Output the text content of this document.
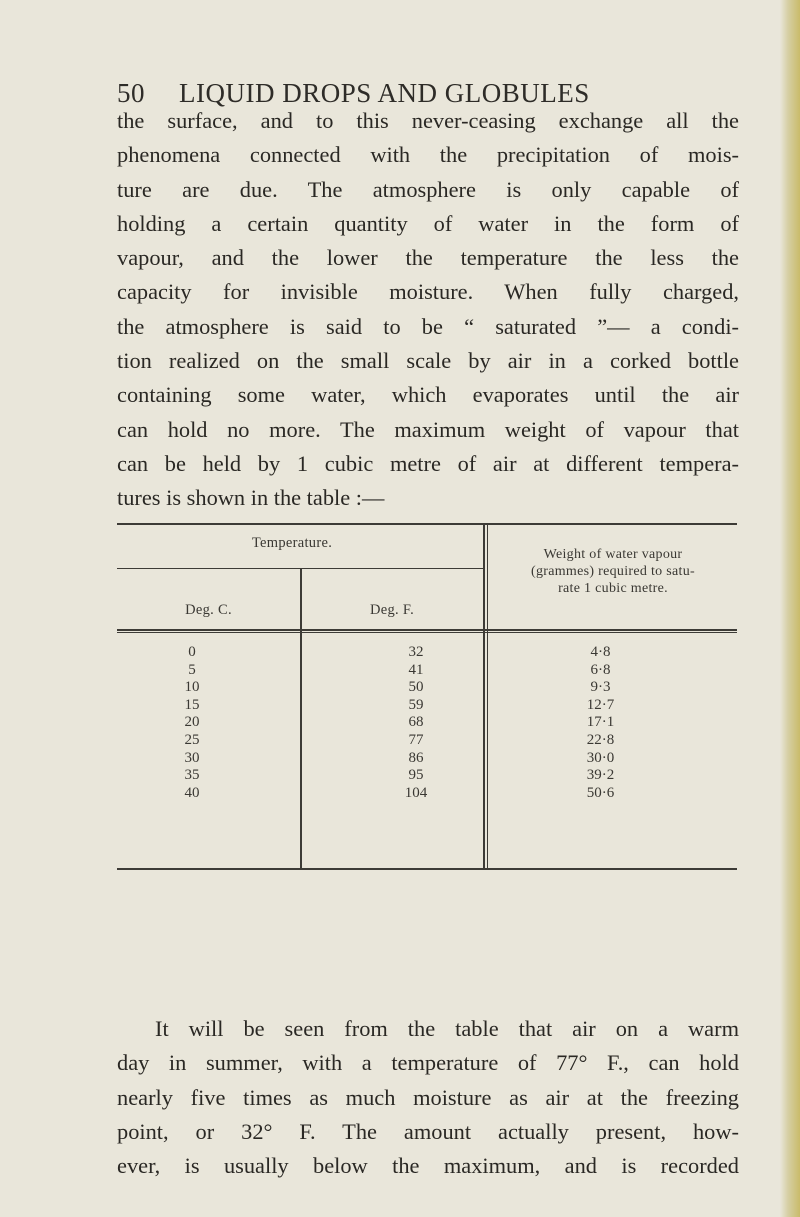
50 LIQUID DROPS AND GLOBULES
the surface, and to this never-ceasing exchange all the
phenomena connected with the precipitation of mois-
ture are due. The atmosphere is only capable of
holding a certain quantity of water in the form of
vapour, and the lower the temperature the less the
capacity for invisible moisture. When fully charged,
the atmosphere is said to be “ saturated ”— a condi-
tion realized on the small scale by air in a corked bottle
containing some water, which evaporates until the air
can hold no more. The maximum weight of vapour that
can be held by 1 cubic metre of air at different tempera-
tures is shown in the table :—
Temperature.
Deg. C.	Deg. F.
Weight of water vapour
(grammes) required to satu-
rate 1 cubic metre.
0
5
10
15
20
25
30
35
40
32
41
50
59
68
77
86
95
104
4·8
6·8
9·3
12·7
17·1
22·8
30·0
39·2
50·6
It will be seen from the table that air on a warm
day in summer, with a temperature of 77° F., can hold
nearly five times as much moisture as air at the freezing
point, or 32° F. The amount actually present, how-
ever, is usually below the maximum, and is recorded
